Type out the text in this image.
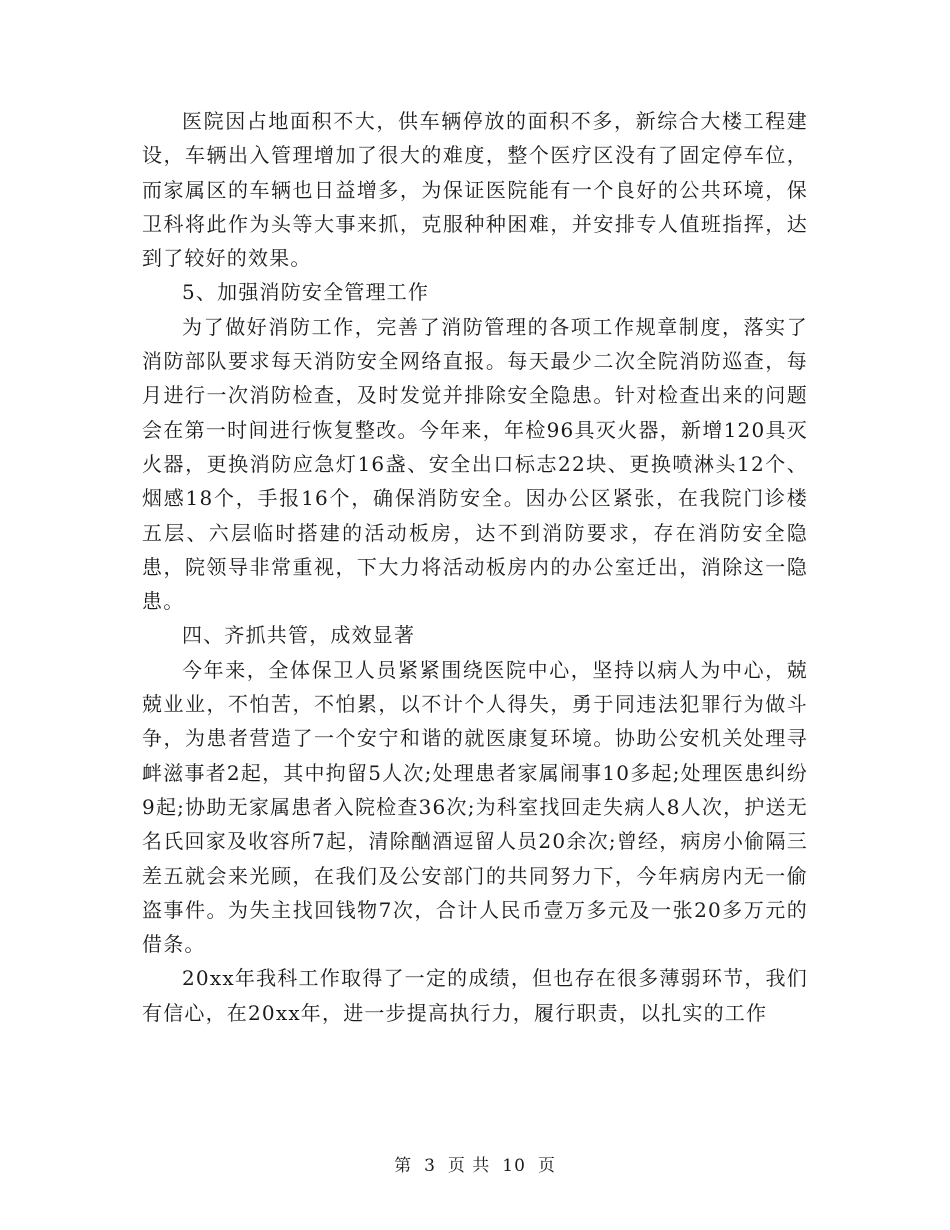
医院因占地面积不大，供车辆停放的面积不多，新综合大楼工程建设，车辆出入管理增加了很大的难度，整个医疗区没有了固定停车位，而家属区的车辆也日益增多，为保证医院能有一个良好的公共环境，保卫科将此作为头等大事来抓，克服种种困难，并安排专人值班指挥，达到了较好的效果。

5、加强消防安全管理工作

为了做好消防工作，完善了消防管理的各项工作规章制度，落实了消防部队要求每天消防安全网络直报。每天最少二次全院消防巡查，每月进行一次消防检查，及时发觉并排除安全隐患。针对检查出来的问题会在第一时间进行恢复整改。今年来，年检96具灭火器，新增120具灭火器，更换消防应急灯16盏、安全出口标志22块、更换喷淋头12个、烟感18个，手报16个，确保消防安全。因办公区紧张，在我院门诊楼五层、六层临时搭建的活动板房，达不到消防要求，存在消防安全隐患，院领导非常重视，下大力将活动板房内的办公室迁出，消除这一隐患。

四、齐抓共管，成效显著

今年来，全体保卫人员紧紧围绕医院中心，坚持以病人为中心，兢兢业业，不怕苦，不怕累，以不计个人得失，勇于同违法犯罪行为做斗争，为患者营造了一个安宁和谐的就医康复环境。协助公安机关处理寻衅滋事者2起，其中拘留5人次;处理患者家属闹事10多起;处理医患纠纷9起;协助无家属患者入院检查36次;为科室找回走失病人8人次，护送无名氏回家及收容所7起，清除酗酒逗留人员20余次;曾经，病房小偷隔三差五就会来光顾，在我们及公安部门的共同努力下，今年病房内无一偷盗事件。为失主找回钱物7次，合计人民币壹万多元及一张20多万元的借条。

20xx年我科工作取得了一定的成绩，但也存在很多薄弱环节，我们有信心，在20xx年，进一步提高执行力，履行职责，以扎实的工作

第 3 页 共 10 页
